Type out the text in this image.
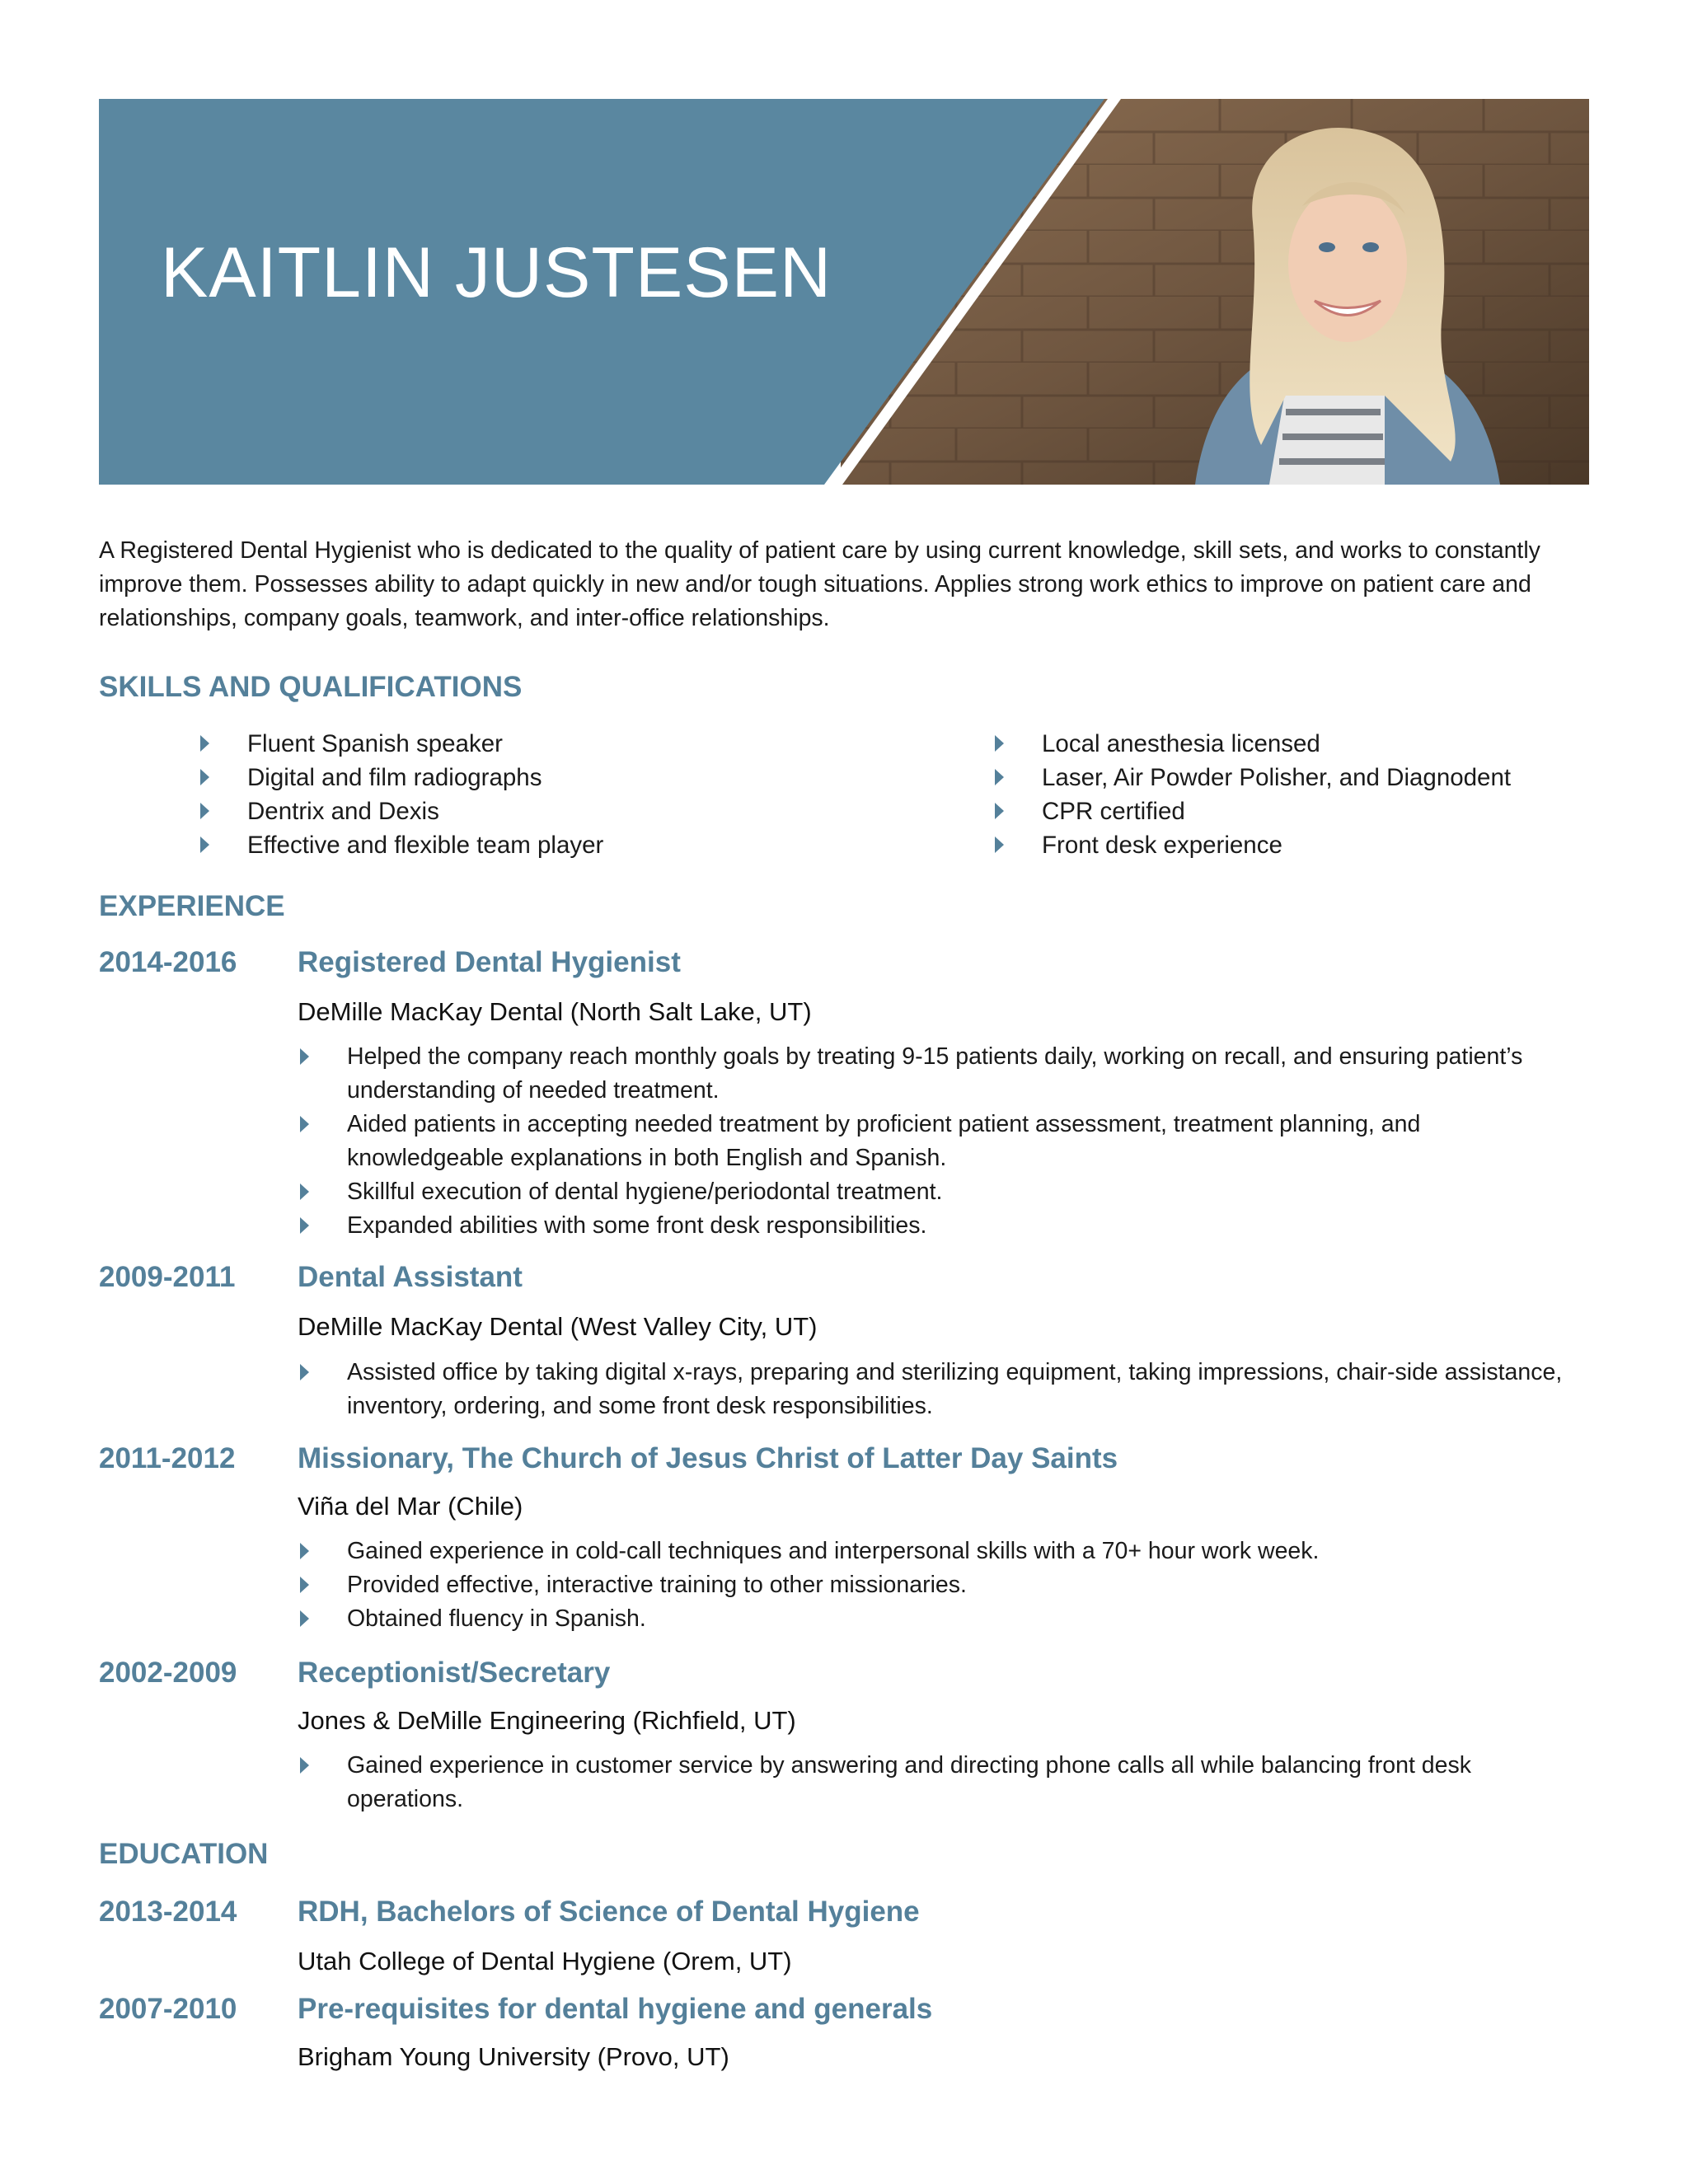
KAITLIN JUSTESEN
A Registered Dental Hygienist who is dedicated to the quality of patient care by using current knowledge, skill sets, and works to constantly improve them. Possesses ability to adapt quickly in new and/or tough situations. Applies strong work ethics to improve on patient care and relationships, company goals, teamwork, and inter-office relationships.
SKILLS AND QUALIFICATIONS
Fluent Spanish speaker
Digital and film radiographs
Dentrix and Dexis
Effective and flexible team player
Local anesthesia licensed
Laser, Air Powder Polisher, and Diagnodent
CPR certified
Front desk experience
EXPERIENCE
2014-2016 Registered Dental Hygienist
DeMille MacKay Dental (North Salt Lake, UT)
Helped the company reach monthly goals by treating 9-15 patients daily, working on recall, and ensuring patient’s understanding of needed treatment.
Aided patients in accepting needed treatment by proficient patient assessment, treatment planning, and knowledgeable explanations in both English and Spanish.
Skillful execution of dental hygiene/periodontal treatment.
Expanded abilities with some front desk responsibilities.
2009-2011 Dental Assistant
DeMille MacKay Dental (West Valley City, UT)
Assisted office by taking digital x-rays, preparing and sterilizing equipment, taking impressions, chair-side assistance, inventory, ordering, and some front desk responsibilities.
2011-2012 Missionary, The Church of Jesus Christ of Latter Day Saints
Viña del Mar (Chile)
Gained experience in cold-call techniques and interpersonal skills with a 70+ hour work week.
Provided effective, interactive training to other missionaries.
Obtained fluency in Spanish.
2002-2009 Receptionist/Secretary
Jones & DeMille Engineering (Richfield, UT)
Gained experience in customer service by answering and directing phone calls all while balancing front desk operations.
EDUCATION
2013-2014 RDH, Bachelors of Science of Dental Hygiene
Utah College of Dental Hygiene (Orem, UT)
2007-2010 Pre-requisites for dental hygiene and generals
Brigham Young University (Provo, UT)
